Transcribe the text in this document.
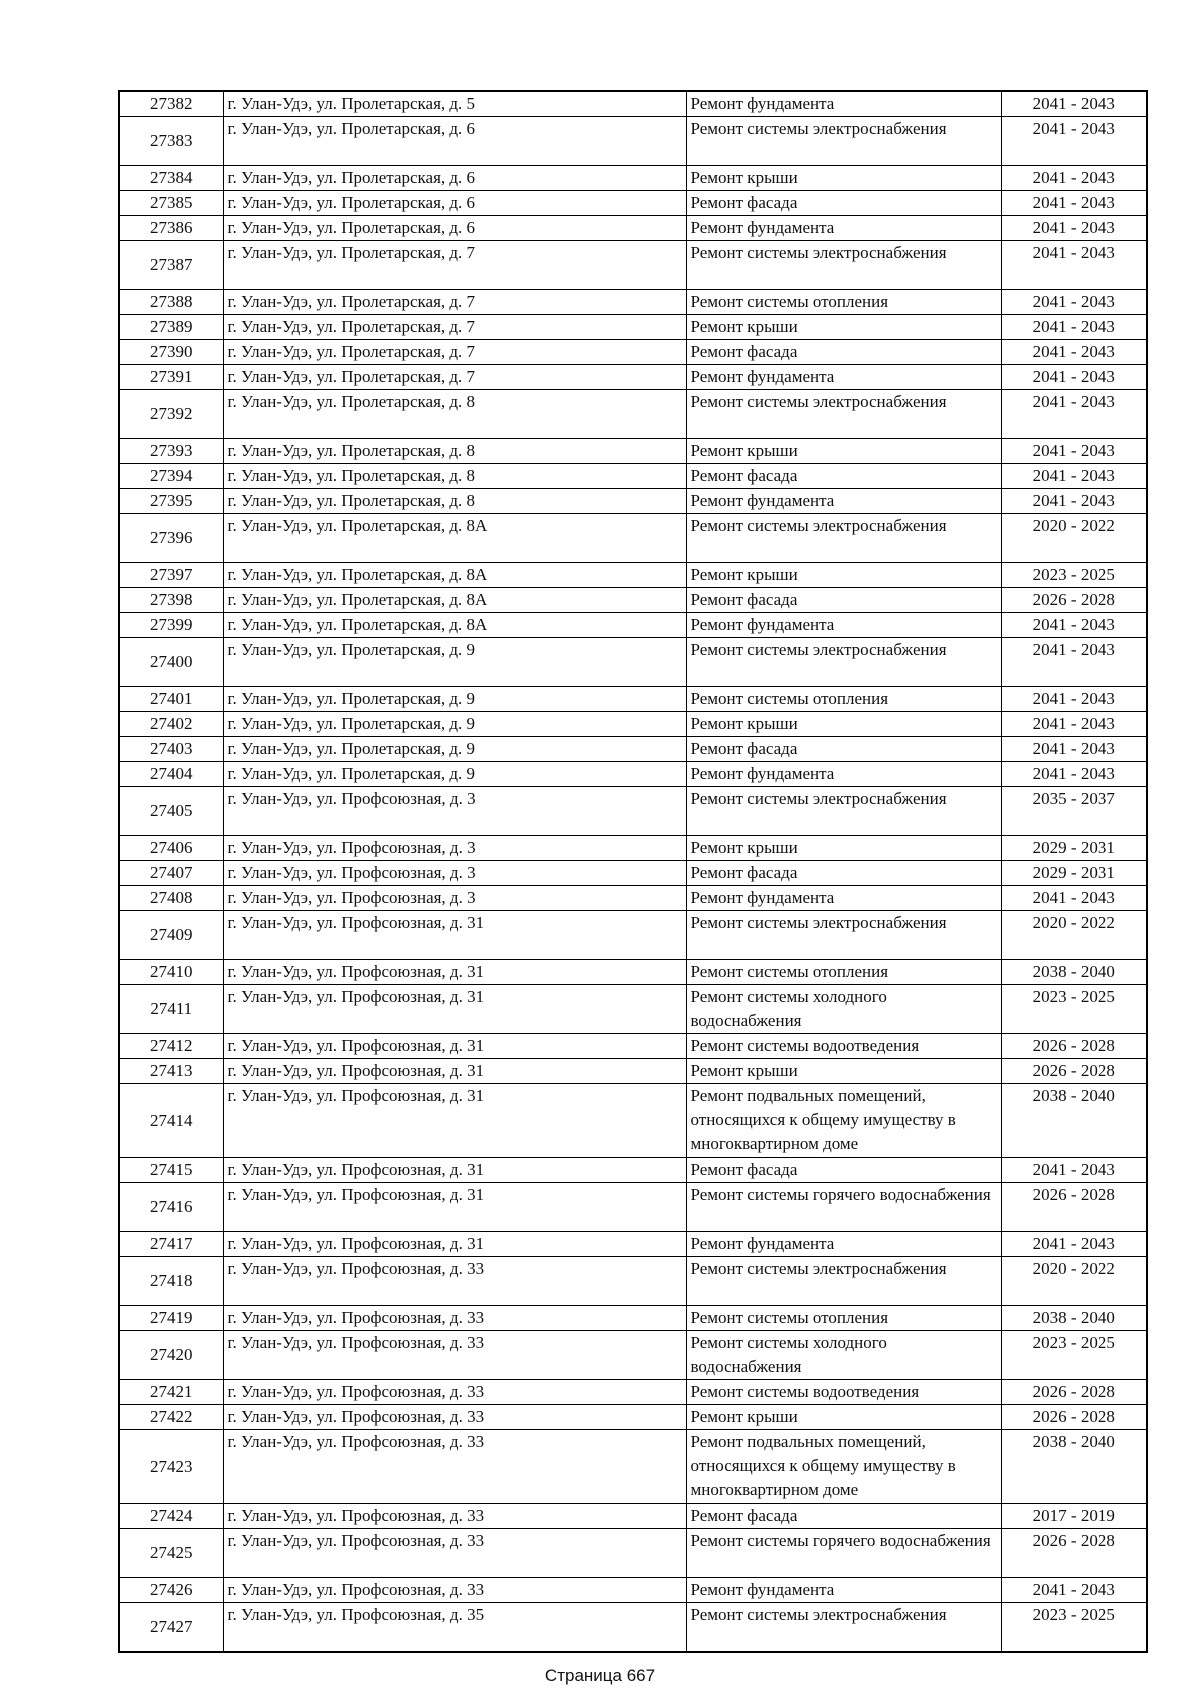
27382	г. Улан-Удэ, ул. Пролетарская, д. 5	Ремонт фундамента	2041 - 2043
27383	г. Улан-Удэ, ул. Пролетарская, д. 6	Ремонт системы электроснабжения	2041 - 2043
27384	г. Улан-Удэ, ул. Пролетарская, д. 6	Ремонт крыши	2041 - 2043
27385	г. Улан-Удэ, ул. Пролетарская, д. 6	Ремонт фасада	2041 - 2043
27386	г. Улан-Удэ, ул. Пролетарская, д. 6	Ремонт фундамента	2041 - 2043
27387	г. Улан-Удэ, ул. Пролетарская, д. 7	Ремонт системы электроснабжения	2041 - 2043
27388	г. Улан-Удэ, ул. Пролетарская, д. 7	Ремонт системы отопления	2041 - 2043
27389	г. Улан-Удэ, ул. Пролетарская, д. 7	Ремонт крыши	2041 - 2043
27390	г. Улан-Удэ, ул. Пролетарская, д. 7	Ремонт фасада	2041 - 2043
27391	г. Улан-Удэ, ул. Пролетарская, д. 7	Ремонт фундамента	2041 - 2043
27392	г. Улан-Удэ, ул. Пролетарская, д. 8	Ремонт системы электроснабжения	2041 - 2043
27393	г. Улан-Удэ, ул. Пролетарская, д. 8	Ремонт крыши	2041 - 2043
27394	г. Улан-Удэ, ул. Пролетарская, д. 8	Ремонт фасада	2041 - 2043
27395	г. Улан-Удэ, ул. Пролетарская, д. 8	Ремонт фундамента	2041 - 2043
27396	г. Улан-Удэ, ул. Пролетарская, д. 8А	Ремонт системы электроснабжения	2020 - 2022
27397	г. Улан-Удэ, ул. Пролетарская, д. 8А	Ремонт крыши	2023 - 2025
27398	г. Улан-Удэ, ул. Пролетарская, д. 8А	Ремонт фасада	2026 - 2028
27399	г. Улан-Удэ, ул. Пролетарская, д. 8А	Ремонт фундамента	2041 - 2043
27400	г. Улан-Удэ, ул. Пролетарская, д. 9	Ремонт системы электроснабжения	2041 - 2043
27401	г. Улан-Удэ, ул. Пролетарская, д. 9	Ремонт системы отопления	2041 - 2043
27402	г. Улан-Удэ, ул. Пролетарская, д. 9	Ремонт крыши	2041 - 2043
27403	г. Улан-Удэ, ул. Пролетарская, д. 9	Ремонт фасада	2041 - 2043
27404	г. Улан-Удэ, ул. Пролетарская, д. 9	Ремонт фундамента	2041 - 2043
27405	г. Улан-Удэ, ул. Профсоюзная, д. 3	Ремонт системы электроснабжения	2035 - 2037
27406	г. Улан-Удэ, ул. Профсоюзная, д. 3	Ремонт крыши	2029 - 2031
27407	г. Улан-Удэ, ул. Профсоюзная, д. 3	Ремонт фасада	2029 - 2031
27408	г. Улан-Удэ, ул. Профсоюзная, д. 3	Ремонт фундамента	2041 - 2043
27409	г. Улан-Удэ, ул. Профсоюзная, д. 31	Ремонт системы электроснабжения	2020 - 2022
27410	г. Улан-Удэ, ул. Профсоюзная, д. 31	Ремонт системы отопления	2038 - 2040
27411	г. Улан-Удэ, ул. Профсоюзная, д. 31	Ремонт системы холодного водоснабжения	2023 - 2025
27412	г. Улан-Удэ, ул. Профсоюзная, д. 31	Ремонт системы водоотведения	2026 - 2028
27413	г. Улан-Удэ, ул. Профсоюзная, д. 31	Ремонт крыши	2026 - 2028
27414	г. Улан-Удэ, ул. Профсоюзная, д. 31	Ремонт подвальных помещений, относящихся к общему имуществу в многоквартирном доме	2038 - 2040
27415	г. Улан-Удэ, ул. Профсоюзная, д. 31	Ремонт фасада	2041 - 2043
27416	г. Улан-Удэ, ул. Профсоюзная, д. 31	Ремонт системы горячего водоснабжения	2026 - 2028
27417	г. Улан-Удэ, ул. Профсоюзная, д. 31	Ремонт фундамента	2041 - 2043
27418	г. Улан-Удэ, ул. Профсоюзная, д. 33	Ремонт системы электроснабжения	2020 - 2022
27419	г. Улан-Удэ, ул. Профсоюзная, д. 33	Ремонт системы отопления	2038 - 2040
27420	г. Улан-Удэ, ул. Профсоюзная, д. 33	Ремонт системы холодного водоснабжения	2023 - 2025
27421	г. Улан-Удэ, ул. Профсоюзная, д. 33	Ремонт системы водоотведения	2026 - 2028
27422	г. Улан-Удэ, ул. Профсоюзная, д. 33	Ремонт крыши	2026 - 2028
27423	г. Улан-Удэ, ул. Профсоюзная, д. 33	Ремонт подвальных помещений, относящихся к общему имуществу в многоквартирном доме	2038 - 2040
27424	г. Улан-Удэ, ул. Профсоюзная, д. 33	Ремонт фасада	2017 - 2019
27425	г. Улан-Удэ, ул. Профсоюзная, д. 33	Ремонт системы горячего водоснабжения	2026 - 2028
27426	г. Улан-Удэ, ул. Профсоюзная, д. 33	Ремонт фундамента	2041 - 2043
27427	г. Улан-Удэ, ул. Профсоюзная, д. 35	Ремонт системы электроснабжения	2023 - 2025
Страница 667
